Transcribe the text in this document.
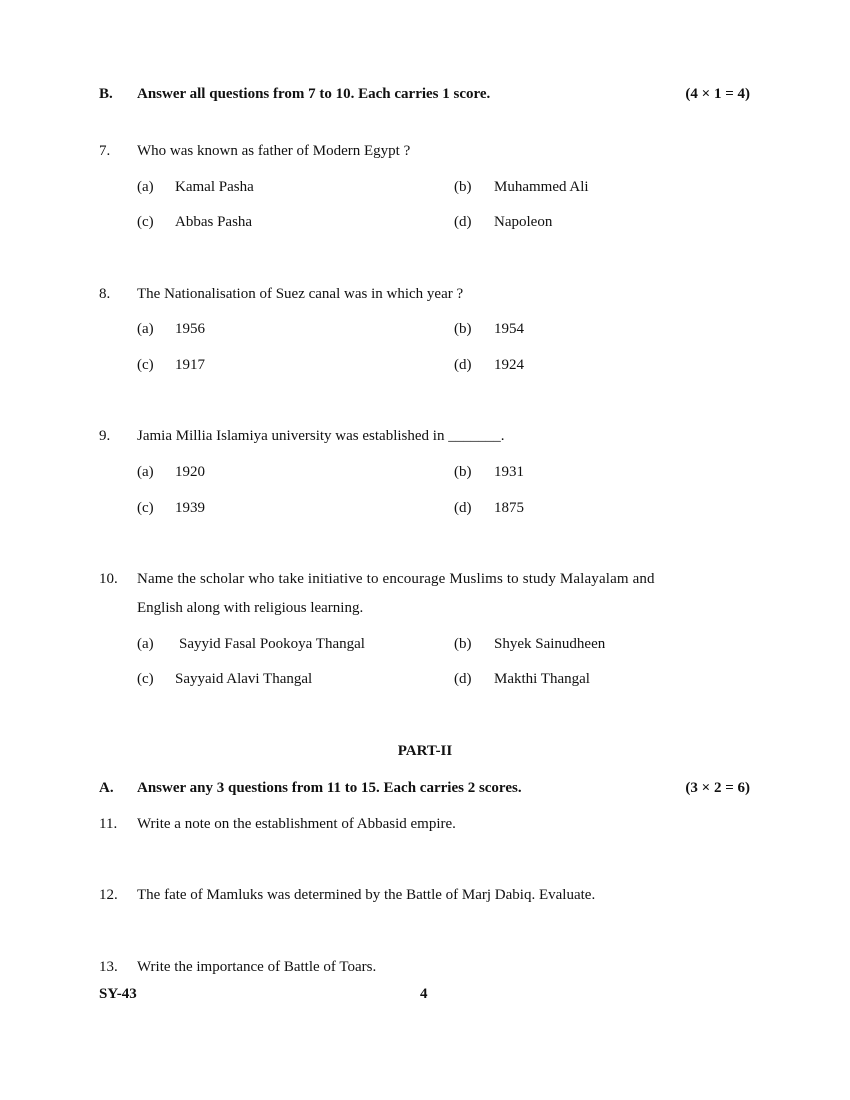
B. Answer all questions from 7 to 10. Each carries 1 score.	(4 × 1 = 4)
7. Who was known as father of Modern Egypt ?
(a) Kamal Pasha	(b) Muhammed Ali
(c) Abbas Pasha	(d) Napoleon
8. The Nationalisation of Suez canal was in which year ?
(a) 1956	(b) 1954
(c) 1917	(d) 1924
9. Jamia Millia Islamiya university was established in _______.
(a) 1920	(b) 1931
(c) 1939	(d) 1875
10. Name the scholar who take initiative to encourage Muslims to study Malayalam and
English along with religious learning.
(a) Sayyid Fasal Pookoya Thangal	(b) Shyek Sainudheen
(c) Sayyaid Alavi Thangal	(d) Makthi Thangal
PART-II
A. Answer any 3 questions from 11 to 15. Each carries 2 scores.	(3 × 2 = 6)
11. Write a note on the establishment of Abbasid empire.
12. The fate of Mamluks was determined by the Battle of Marj Dabiq. Evaluate.
13. Write the importance of Battle of Toars.
SY-43	4
